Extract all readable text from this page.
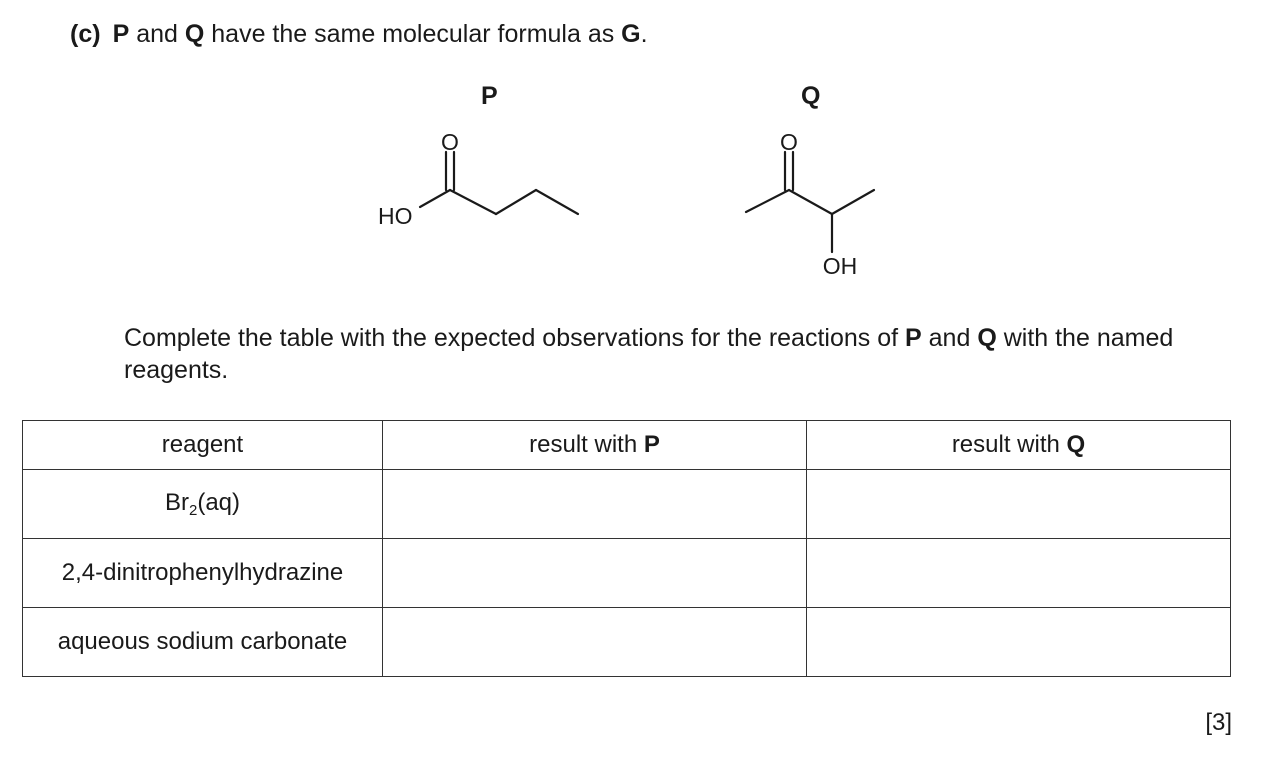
(c) P and Q have the same molecular formula as G.
P	Q
O
HO
O
OH
Complete the table with the expected observations for the reactions of P and Q with the named reagents.
reagent	result with P	result with Q
$Br_2(aq)$		
2,4-dinitrophenylhydrazine		
aqueous sodium carbonate		
[3]
